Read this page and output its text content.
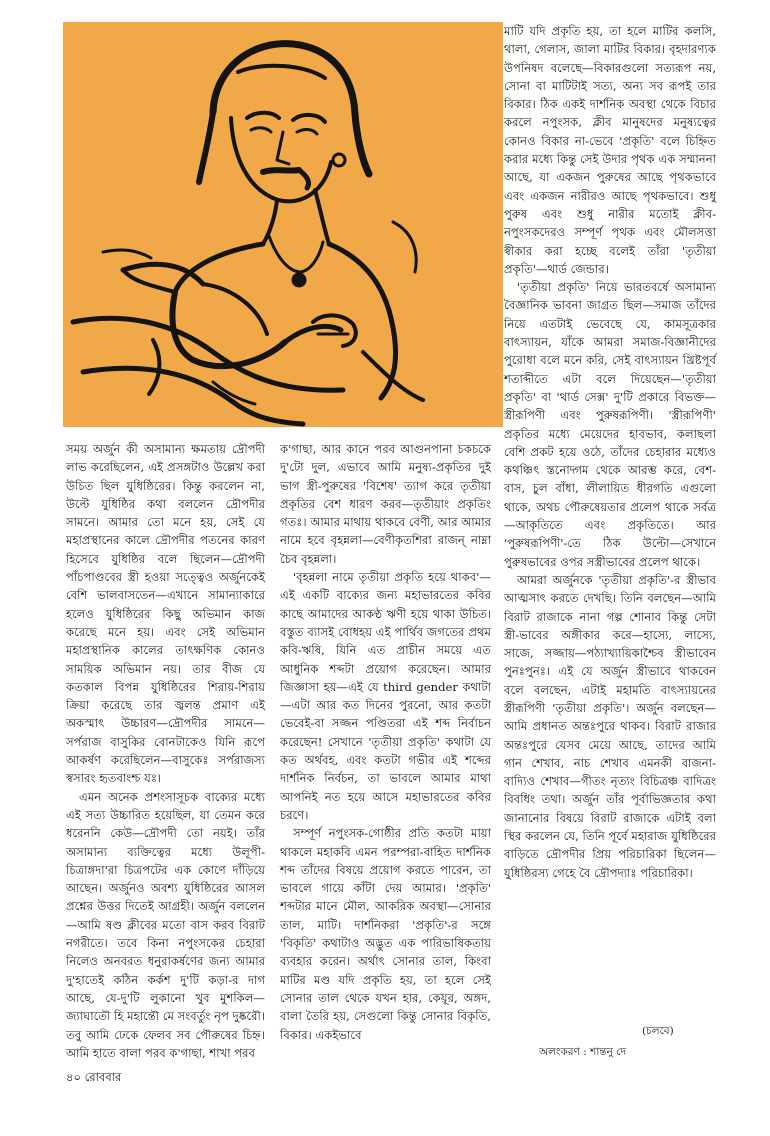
সময় অর্জুন কী অসামান্য ক্ষমতায় দ্রৌপদী লাভ করেছিলেন, এই প্রসঙ্গটাও উল্লেখ করা উচিত ছিল যুধিষ্ঠিরের। কিন্তু করলেন না, উল্টে যুধিষ্ঠির কথা বললেন দ্রৌপদীর সামনে। আমার তো মনে হয়, সেই যে মহাপ্রস্থানের কালে দ্রৌপদীর পতনের কারণ হিসেবে যুধিষ্ঠির বলে ছিলেন—দ্রৌপদী পাঁচপাণ্ডবের স্ত্রী হওয়া সত্ত্বেও অর্জুনকেই বেশি ভালবাসতেন—এখানে সামান্যাকারে হলেও যুধিষ্ঠিরের কিছু অভিমান কাজ করেছে মনে হয়। এবং সেই অভিমান মহাপ্রস্থানিক কালের তাৎক্ষণিক কোনও সাময়িক অভিমান নয়। তার বীজ যে কতকাল বিপন্ন যুধিষ্ঠিরের শিরায়-শিরায় ক্রিয়া করেছে তার জ্বলন্ত প্রমাণ এই অকস্মাৎ উচ্চারণ—দ্রৌপদীর সামনে—সর্পরাজ বাসুকির বোনটাকেও যিনি রূপে আকর্ষণ করেছিলেন—বাসুকেঃ সর্পরাজস্য স্বসারং হৃতবাংশ্চ যঃ।

এমন অনেক প্রশংসাসূচক বাক্যের মধ্যে এই সত্য উচ্চারিত হয়েছিল, যা তেমন করে ধরেননি কেউ—দ্রৌপদী তো নয়ই। তাঁর অসামান্য ব্যক্তিত্বের মধ্যে উলূপী-চিত্রাঙ্গদা'রা চিত্রপটের এক কোণে দাঁড়িয়ে আছেন। অর্জুনও অবশ্য যুধিষ্ঠিরের আসল প্রশ্নের উত্তর দিতেই আগ্রহী। অর্জুন বললেন—আমি ষণ্ড ক্লীবের মতো বাস করব বিরাট নগরীতে। তবে কিনা নপুংসকের চেহারা নিলেও অনবরত ধনুরাকর্ষণের জন্য আমার দু'হাতেই কঠিন কর্কশ দু'টি কড়া-র দাগ আছে, যে-দু'টি লুকানো খুব মুশকিল—জ্যাঘাতৌ হি মহান্তৌ মে সংবর্তুং নৃপ দুষ্করৌ। তবু আমি ঢেকে ফেলব সব পৌরুষের চিহ্ন। আমি হাতে বালা পরব ক'গাছা, শাখা পরব

ক'গাছা, আর কানে পরব আগুনপানা চকচকে দু'টো দুল, এভাবে আমি মনুষ্য-প্রকৃতির দুই ভাগ স্ত্রী-পুরুষের 'বিশেষ' ত্যাগ করে তৃতীয়া প্রকৃতির বেশ ধারণ করব—তৃতীয়াং প্রকৃতিং গতঃ। আমার মাথায় থাকবে বেণী, আর আমার নামে হবে বৃহন্নলা—বেণীকৃতশিরা রাজন্ নাম্না চৈব বৃহন্নলা।

'বৃহন্নলা নামে তৃতীয়া প্রকৃতি হয়ে থাকব'—এই একটি বাক্যের জন্য মহাভারতের কবির কাছে আমাদের আকণ্ঠ ঋণী হয়ে থাকা উচিত। বস্তুত ব্যাসই বোধহয় এই পার্থিব জগতের প্রথম কবি-ঋষি, যিনি এত প্রাচীন সময়ে এত আধুনিক শব্দটা প্রয়োগ করেছেন। আমার জিজ্ঞাসা হয়—এই যে third gender কথাটা—এটা আর কত দিনের পুরনো, আর কতটা ভেবেই-বা সজ্জন পণ্ডিতরা এই শব্দ নির্বাচন করেছেন! সেখানে 'তৃতীয়া প্রকৃতি' কথাটা যে কত অর্থবহ, এবং কতটা গভীর এই শব্দের দার্শনিক নির্বচন, তা ভাবলে আমার মাথা আপনিই নত হয়ে আসে মহাভারতের কবির চরণে।

সম্পূর্ণ নপুংসক-গোষ্ঠীর প্রতি কতটা মায়া থাকলে মহাকবি এমন পরম্পরা-বাহিত দার্শনিক শব্দ তাঁদের বিষয়ে প্রয়োগ করতে পারেন, তা ভাবলে গায়ে কাঁটা দেয় আমার। 'প্রকৃতি' শব্দটার মানে মৌল, আকরিক অবস্থা—সোনার তাল, মাটি। দার্শনিকরা 'প্রকৃতি'-র সঙ্গে 'বিকৃতি' কথাটাও অদ্ভুত এক পারিভাষিকতায় ব্যবহার করেন। অর্থাৎ সোনার তাল, কিংবা মাটির মণ্ড যদি প্রকৃতি হয়, তা হলে সেই সোনার তাল থেকে যখন হার, কেয়ূর, অঙ্গদ, বালা তৈরি হয়, সেগুলো কিন্তু সোনার বিকৃতি, বিকার। একইভাবে

মাটি যদি প্রকৃতি হয়, তা হলে মাটির কলসি, থালা, গেলাস, জালা মাটির বিকার। বৃহদারণ্যক উপনিষদ বলেছে—বিকারগুলো সত্যরূপ নয়, সোনা বা মাটিটাই সত্য, অন্য সব রূপই তার বিকার। ঠিক একই দার্শনিক অবস্থা থেকে বিচার করলে নপুংসক, ক্লীব মানুষদের মনুষ্যত্বের কোনও বিকার না-ভেবে 'প্রকৃতি' বলে চিহ্নিত করার মধ্যে কিন্তু সেই উদার পৃথক এক সম্মাননা আছে, যা একজন পুরুষের আছে পৃথকভাবে এবং একজন নারীরও আছে পৃথকভাবে। শুধু পুরুষ এবং শুধু নারীর মতোই ক্লীব-নপুংসকদেরও সম্পূর্ণ পৃথক এবং মৌলসত্তা স্বীকার করা হচ্ছে বলেই তাঁরা 'তৃতীয়া প্রকৃতি'—থার্ড জেন্ডার।

'তৃতীয়া প্রকৃতি' নিয়ে ভারতবর্ষে অসামান্য বৈজ্ঞানিক ভাবনা জাগ্রত ছিল—সমাজ তাঁদের নিয়ে এতটাই ভেবেছে যে, কামসূত্রকার বাৎস্যায়ন, যাঁকে আমরা সমাজ-বিজ্ঞানীদের পুরোধা বলে মনে করি, সেই বাৎস্যায়ন খ্রিষ্টপূর্ব শতাব্দীতে এটা বলে দিয়েছেন—'তৃতীয়া প্রকৃতি' বা 'থার্ড সেক্স' দু'টি প্রকারে বিভক্ত—স্ত্রীরূপিণী এবং পুরুষরূপিণী। 'স্ত্রীরূপিণী' প্রকৃতির মধ্যে মেয়েদের হাবভাব, কলাছলা বেশি প্রকট হয়ে ওঠে, তাঁদের চেহারার মধ্যেও কথঞ্চিৎ স্তনোদ্গম থেকে আরম্ভ করে, বেশ-বাস, চুল বাঁধা, লীলায়িত ধীরগতি এগুলো থাকে, অথচ পৌরুষেয়তার প্রলেপ থাকে সর্বত্র—আকৃতিতে এবং প্রকৃতিতে। আর 'পুরুষরূপিণী'-তে ঠিক উল্টো—সেখানে পুরুষভাবের ওপর সস্ত্রীভাবের প্রলেপ থাকে।

আমরা অর্জুনকে 'তৃতীয়া প্রকৃতি'-র স্ত্রীভাব আত্মসাৎ করতে দেখছি। তিনি বলছেন—আমি বিরাট রাজাকে নানা গল্প শোনাব কিন্তু সেটা স্ত্রী-ভাবের অঙ্গীকার করে—হাস্যে, লাস্যে, সাজে, সজ্জায়—পঠ্যাখ্যায়িকাশ্চৈব স্ত্রীভাবেন পুনঃপুনঃ। এই যে অর্জুন স্ত্রীভাবে থাকবেন বলে বলছেন, এটাই মহামতি বাৎস্যায়নের স্ত্রীরূপিণী 'তৃতীয়া প্রকৃতি'। অর্জুন বলছেন—আমি প্রধানত অন্তঃপুরে থাকব। বিরাট রাজার অন্তঃপুরে যেসব মেয়ে আছে, তাদের আমি গান শেখাব, নাচ শেখাব এমনকী বাজনা-বাদ্যিও শেখাব—গীতং নৃত্যং বিচিত্রঞ্চ বাদিত্রং বিবধিং তথা। অর্জুন তাঁর পূর্বাভিজ্ঞতার কথা জানানোর বিষয়ে বিরাট রাজাকে এটাই বলা স্থির করলেন যে, তিনি পূর্বে মহারাজ যুধিষ্ঠিরের বাড়িতে দ্রৌপদীর প্রিয় পরিচারিকা ছিলেন—যুধিষ্ঠিরস্য গেহে বৈ দ্রৌপদ্যাঃ পরিচারিকা।

(চলবে)
অলংকরণ : শান্তনু দে
৪০ রোববার
